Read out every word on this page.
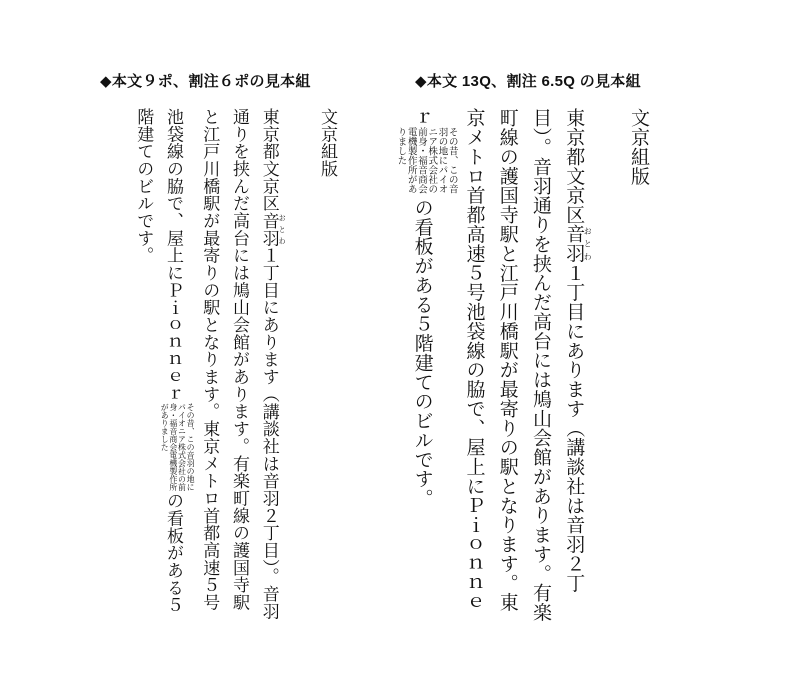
◆本文９ポ、割注６ポの見本組
文京組版
東京都文京区音羽 おとわ１丁目にあります（講談社は音羽２丁目）。音羽通りを挟んだ高台には鳩山会館があります。有楽町線の護国寺駅と江戸川橋駅が最寄りの駅となります。東京メトロ首都高速５号池袋線の脇で、屋上にＰｉｏｎｎｅｒその昔、この音羽の地にパイオニア株式会社の前身・福音商会電機製作所がありましたの看板がある５階建てのビルです。
◆本文 13Q、割注 6.5Q の見本組
文京組版
東京都文京区音羽 おとわ１丁目にあります（講談社は音羽２丁目）。音羽通りを挟んだ高台には鳩山会館があります。有楽町線の護国寺駅と江戸川橋駅が最寄りの駅となります。東京メトロ首都高速５号池袋線の脇で、屋上にＰｉｏｎｎｅｒその昔、この音羽の地にパイオニア株式会社の前身・福音商会電機製作所がありましたの看板がある５階建てのビルです。
